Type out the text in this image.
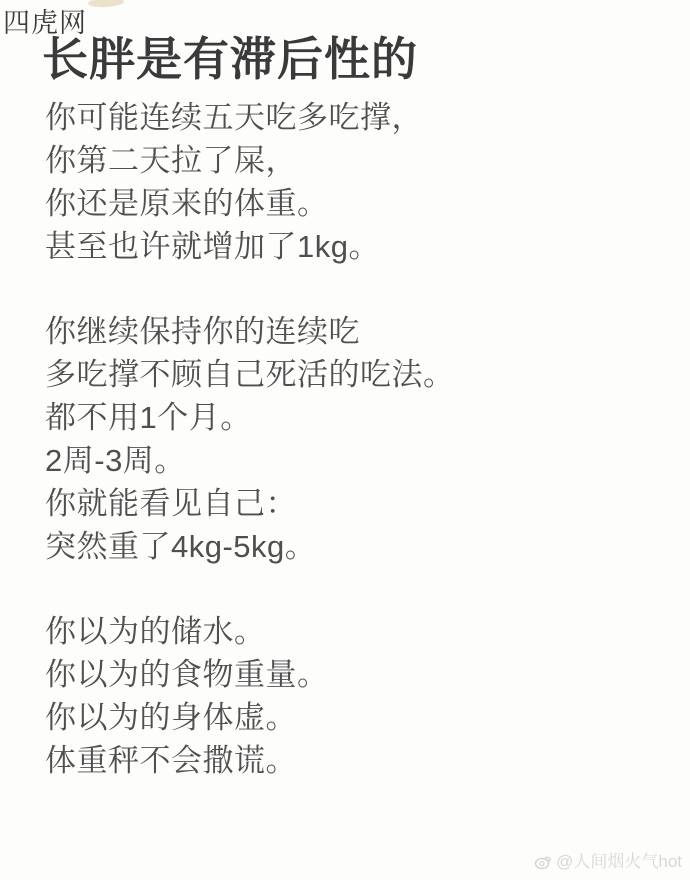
四虎网
长胖是有滞后性的
你可能连续五天吃多吃撑，
你第二天拉了屎，
你还是原来的体重。
甚至也许就增加了1kg。
你继续保持你的连续吃
多吃撑不顾自己死活的吃法。
都不用1个月。
2周-3周。
你就能看见自己：
突然重了4kg-5kg。
你以为的储水。
你以为的食物重量。
你以为的身体虚。
体重秤不会撒谎。
@人间烟火气hot
